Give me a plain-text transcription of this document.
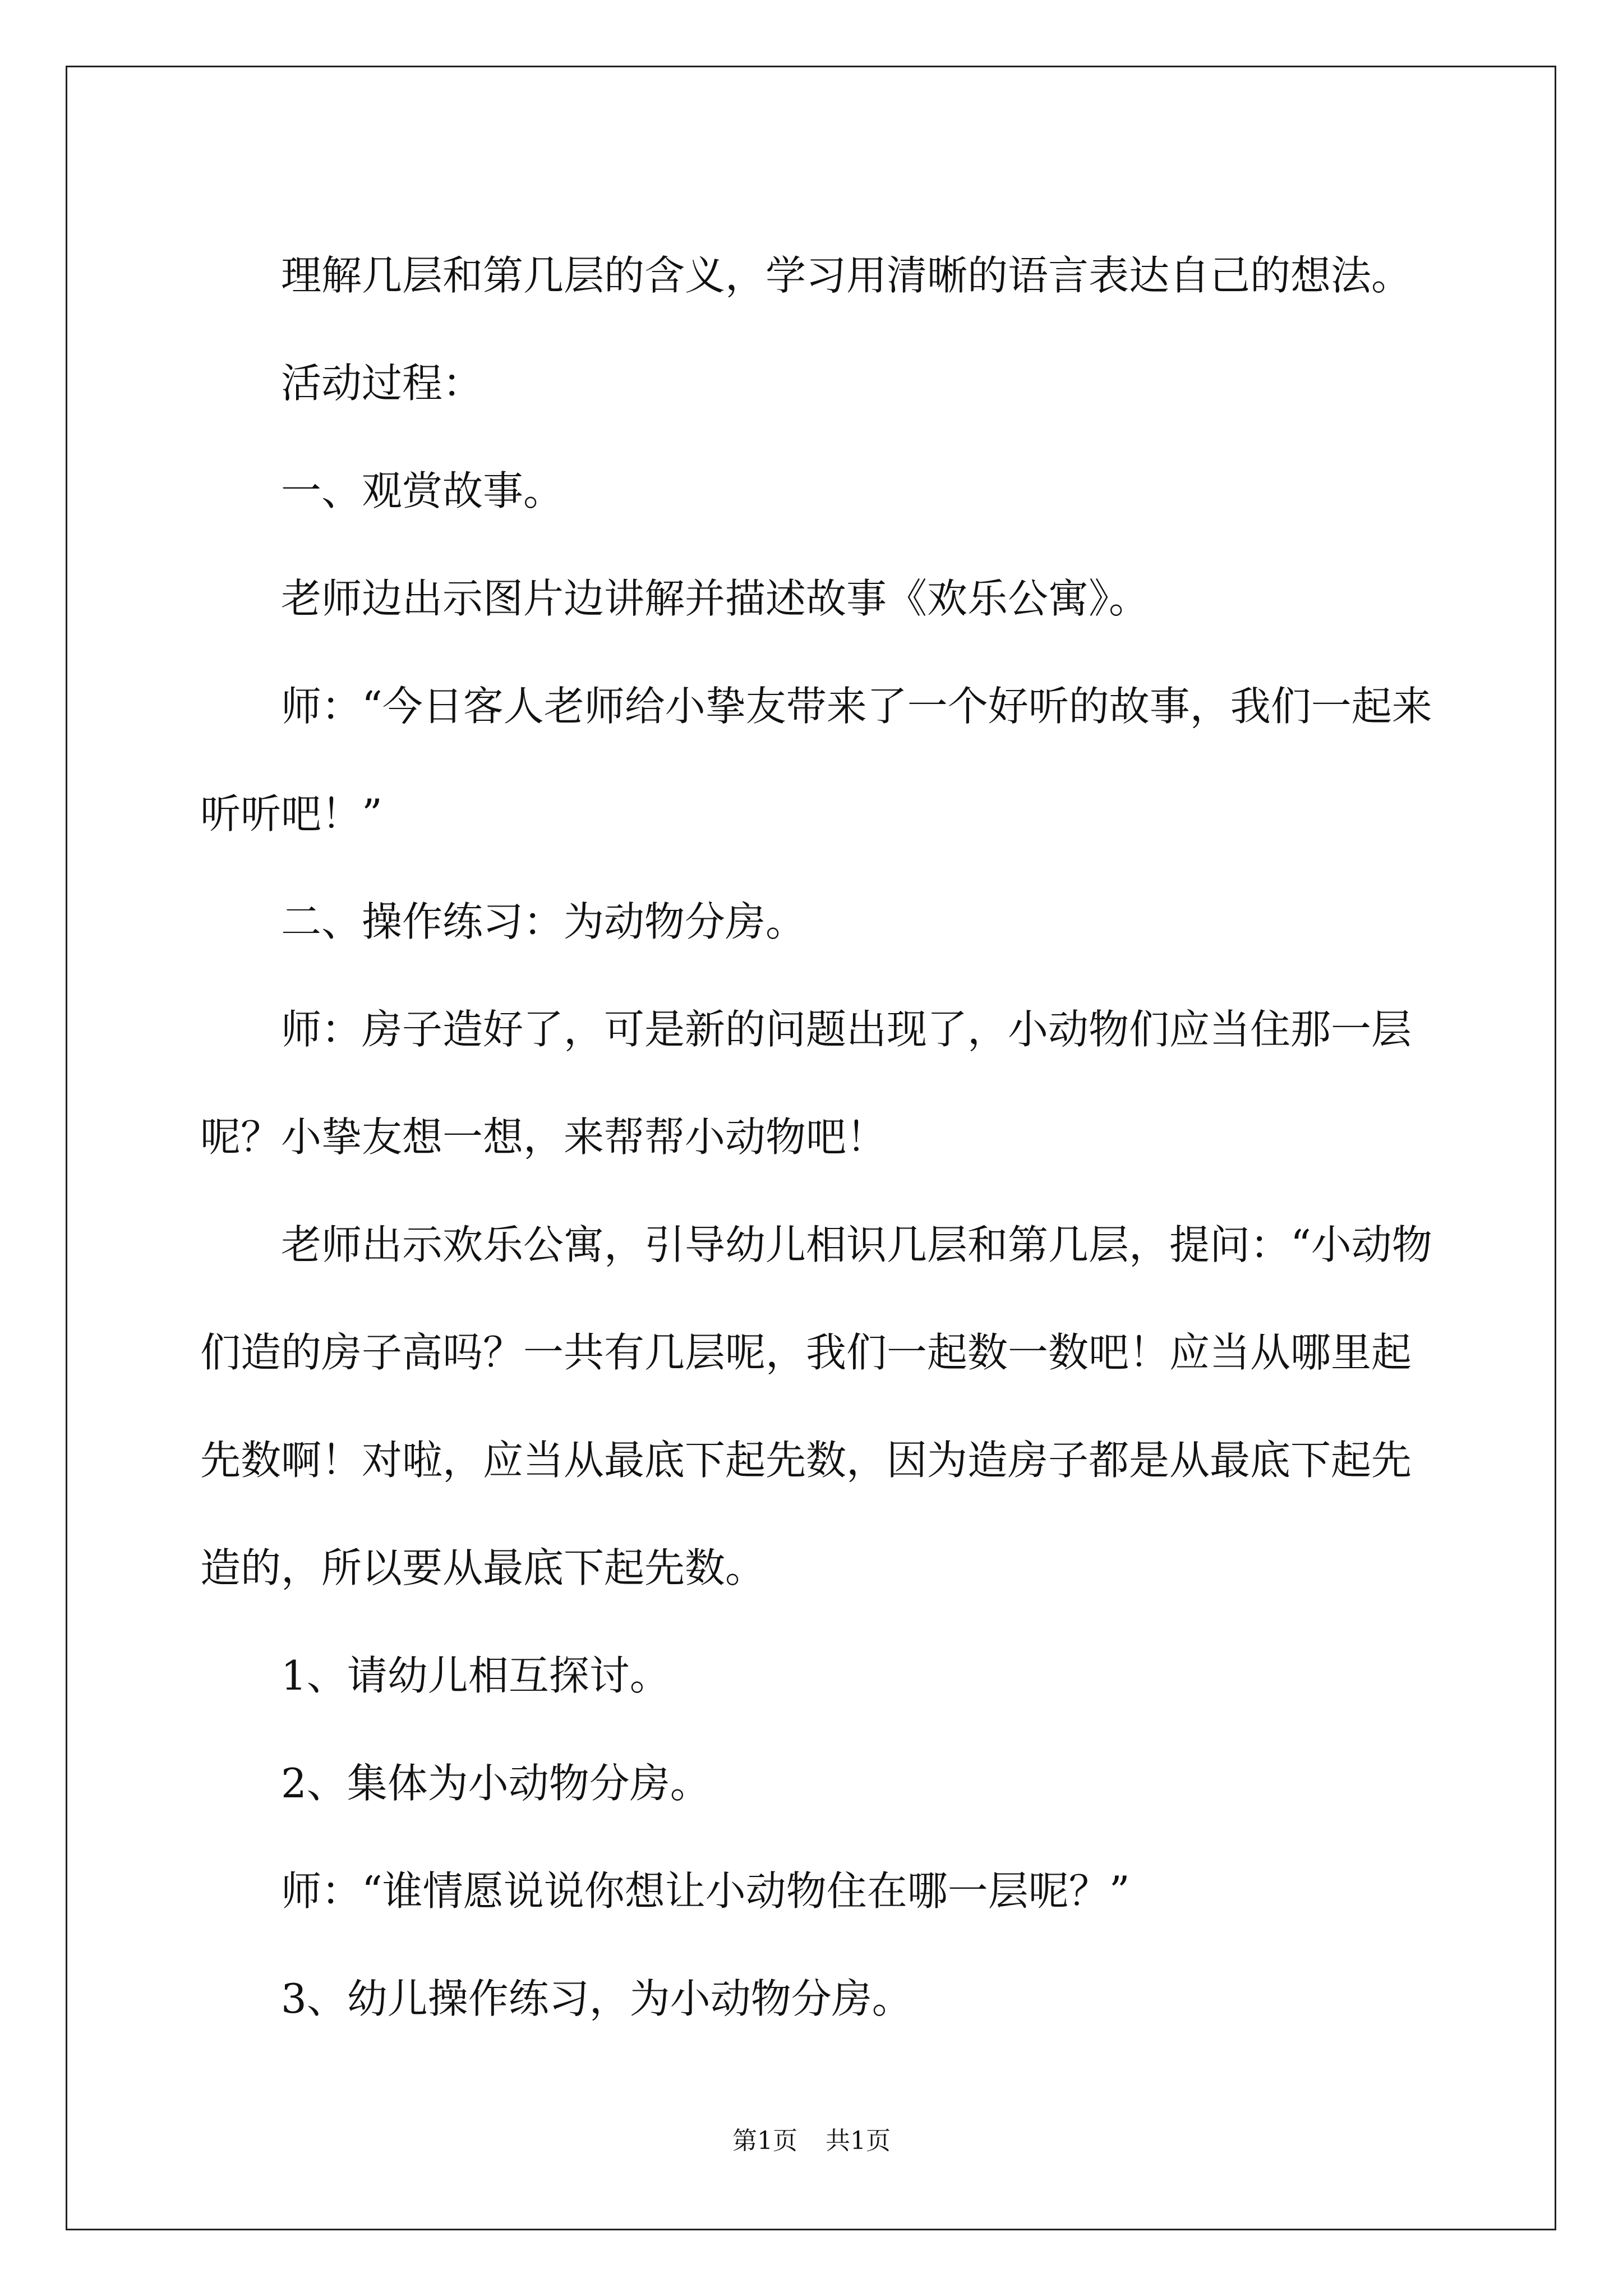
理解几层和第几层的含义，学习用清晰的语言表达自己的想法。

活动过程：

一、观赏故事。

老师边出示图片边讲解并描述故事《欢乐公寓》。

师：“今日客人老师给小挚友带来了一个好听的故事，我们一起来听听吧！”

二、操作练习：为动物分房。

师：房子造好了，可是新的问题出现了，小动物们应当住那一层呢？小挚友想一想，来帮帮小动物吧！

老师出示欢乐公寓，引导幼儿相识几层和第几层，提问：“小动物们造的房子高吗？一共有几层呢，我们一起数一数吧！应当从哪里起先数啊！对啦，应当从最底下起先数，因为造房子都是从最底下起先造的，所以要从最底下起先数。

1、请幼儿相互探讨。

2、集体为小动物分房。

师：“谁情愿说说你想让小动物住在哪一层呢？”

3、幼儿操作练习，为小动物分房。

第1页 共1页
